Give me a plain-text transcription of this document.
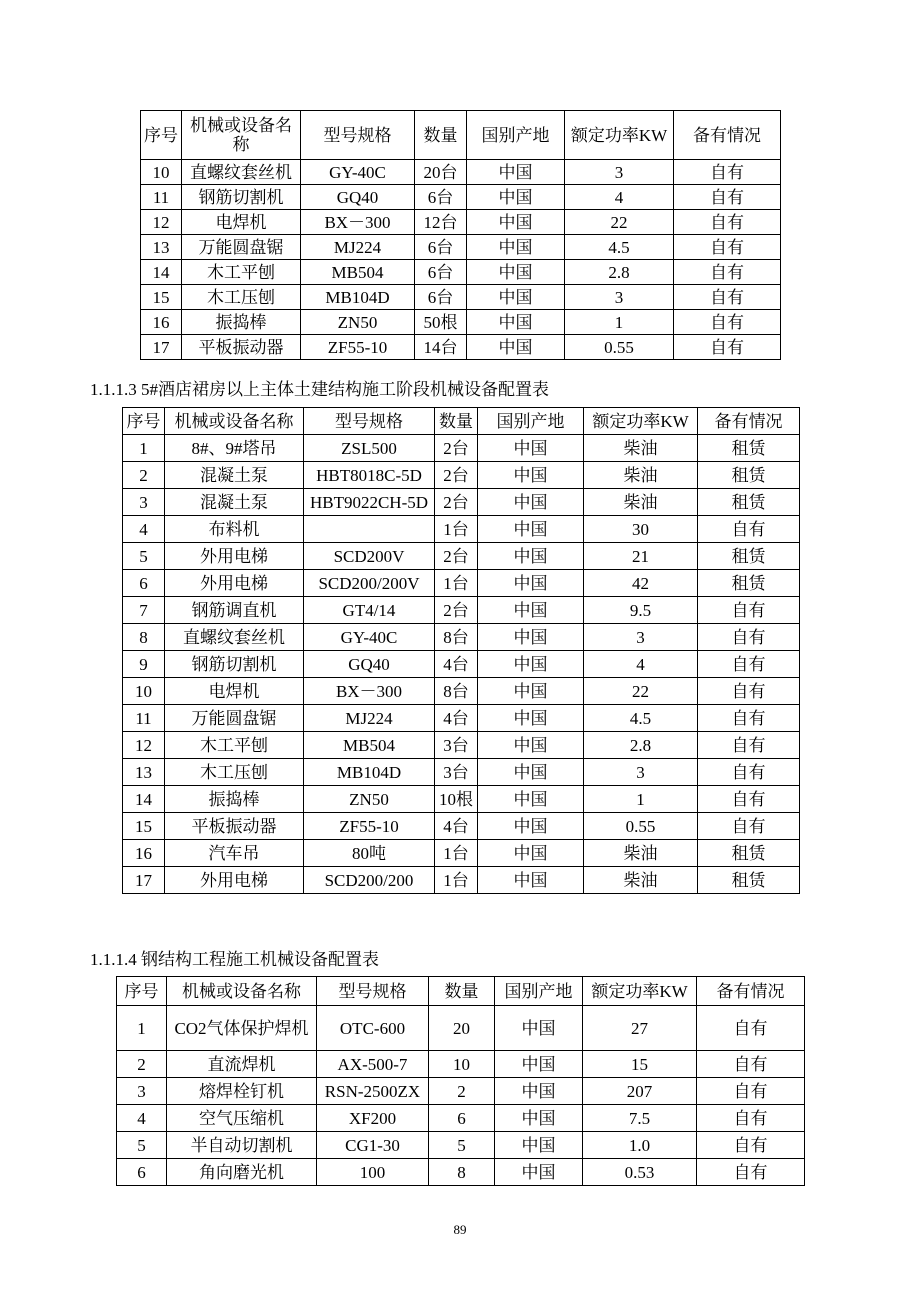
序号	机械或设备名称	型号规格	数量	国别产地	额定功率KW	备有情况
10	直螺纹套丝机	GY-40C	20台	中国	3	自有
11	钢筋切割机	GQ40	6台	中国	4	自有
12	电焊机	BX－300	12台	中国	22	自有
13	万能圆盘锯	MJ224	6台	中国	4.5	自有
14	木工平刨	MB504	6台	中国	2.8	自有
15	木工压刨	MB104D	6台	中国	3	自有
16	振捣棒	ZN50	50根	中国	1	自有
17	平板振动器	ZF55-10	14台	中国	0.55	自有
1.1.1.3 5#酒店裙房以上主体土建结构施工阶段机械设备配置表
序号	机械或设备名称	型号规格	数量	国别产地	额定功率KW	备有情况
1	8#、9#塔吊	ZSL500	2台	中国	柴油	租赁
2	混凝土泵	HBT8018C-5D	2台	中国	柴油	租赁
3	混凝土泵	HBT9022CH-5D	2台	中国	柴油	租赁
4	布料机		1台	中国	30	自有
5	外用电梯	SCD200V	2台	中国	21	租赁
6	外用电梯	SCD200/200V	1台	中国	42	租赁
7	钢筋调直机	GT4/14	2台	中国	9.5	自有
8	直螺纹套丝机	GY-40C	8台	中国	3	自有
9	钢筋切割机	GQ40	4台	中国	4	自有
10	电焊机	BX－300	8台	中国	22	自有
11	万能圆盘锯	MJ224	4台	中国	4.5	自有
12	木工平刨	MB504	3台	中国	2.8	自有
13	木工压刨	MB104D	3台	中国	3	自有
14	振捣棒	ZN50	10根	中国	1	自有
15	平板振动器	ZF55-10	4台	中国	0.55	自有
16	汽车吊	80吨	1台	中国	柴油	租赁
17	外用电梯	SCD200/200	1台	中国	柴油	租赁
1.1.1.4 钢结构工程施工机械设备配置表
序号	机械或设备名称	型号规格	数量	国别产地	额定功率KW	备有情况
1	CO2气体保护焊机	OTC-600	20	中国	27	自有
2	直流焊机	AX-500-7	10	中国	15	自有
3	熔焊栓钉机	RSN-2500ZX	2	中国	207	自有
4	空气压缩机	XF200	6	中国	7.5	自有
5	半自动切割机	CG1-30	5	中国	1.0	自有
6	角向磨光机	100	8	中国	0.53	自有
89
